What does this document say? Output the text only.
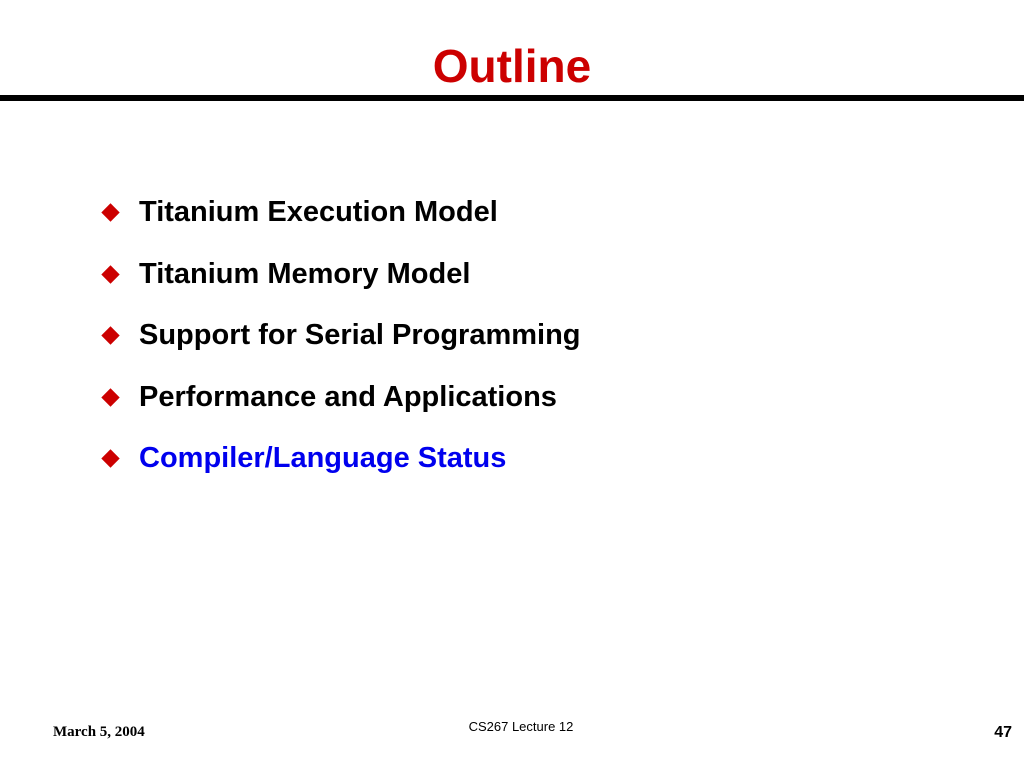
Outline
Titanium Execution Model
Titanium Memory Model
Support for Serial Programming
Performance and Applications
Compiler/Language Status
March 5, 2004	CS267 Lecture 12	47
